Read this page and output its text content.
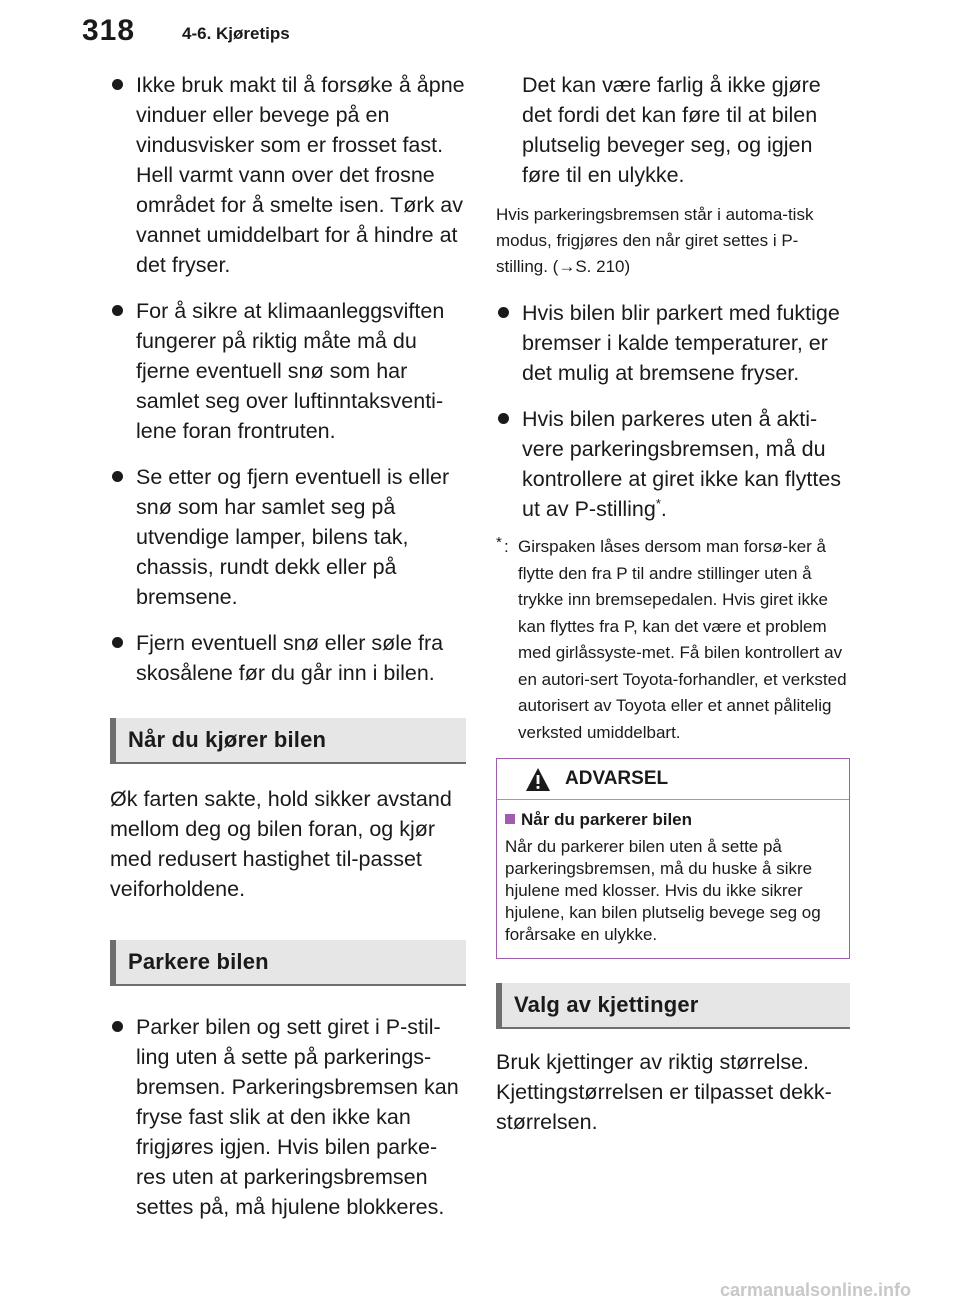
318	4-6. Kjøretips
Ikke bruk makt til å forsøke å åpne vinduer eller bevege på en vindusvisker som er frosset fast. Hell varmt vann over det frosne området for å smelte isen. Tørk av vannet umiddelbart for å hindre at det fryser.
For å sikre at klimaanleggsviften fungerer på riktig måte må du fjerne eventuell snø som har samlet seg over luftinntaksventi-lene foran frontruten.
Se etter og fjern eventuell is eller snø som har samlet seg på utvendige lamper, bilens tak, chassis, rundt dekk eller på bremsene.
Fjern eventuell snø eller søle fra skosålene før du går inn i bilen.
Når du kjører bilen

Øk farten sakte, hold sikker avstand mellom deg og bilen foran, og kjør med redusert hastighet til-passet veiforholdene.

Parkere bilen
Parker bilen og sett giret i P-stil-ling uten å sette på parkerings-bremsen. Parkeringsbremsen kan fryse fast slik at den ikke kan frigjøres igjen. Hvis bilen parke-res uten at parkeringsbremsen settes på, må hjulene blokkeres.

Det kan være farlig å ikke gjøre det fordi det kan føre til at bilen plutselig beveger seg, og igjen føre til en ulykke.

Hvis parkeringsbremsen står i automa-tisk modus, frigjøres den når giret settes i P-stilling. (→S. 210)

Hvis bilen blir parkert med fuktige bremser i kalde temperaturer, er det mulig at bremsene fryser.
Hvis bilen parkeres uten å akti-vere parkeringsbremsen, må du kontrollere at giret ikke kan flyttes ut av P-stilling*.
* : Girspaken låses dersom man forsø-ker å flytte den fra P til andre stillinger uten å trykke inn bremsepedalen. Hvis giret ikke kan flyttes fra P, kan det være et problem med girlåssyste-met. Få bilen kontrollert av en autori-sert Toyota-forhandler, et verksted autorisert av Toyota eller et annet pålitelig verksted umiddelbart.
ADVARSEL
Når du parkerer bilen

Når du parkerer bilen uten å sette på parkeringsbremsen, må du huske å sikre hjulene med klosser. Hvis du ikke sikrer hjulene, kan bilen plutselig bevege seg og forårsake en ulykke.

Valg av kjettinger

Bruk kjettinger av riktig størrelse. Kjettingstørrelsen er tilpasset dekk-størrelsen.

carmanualsonline.info
